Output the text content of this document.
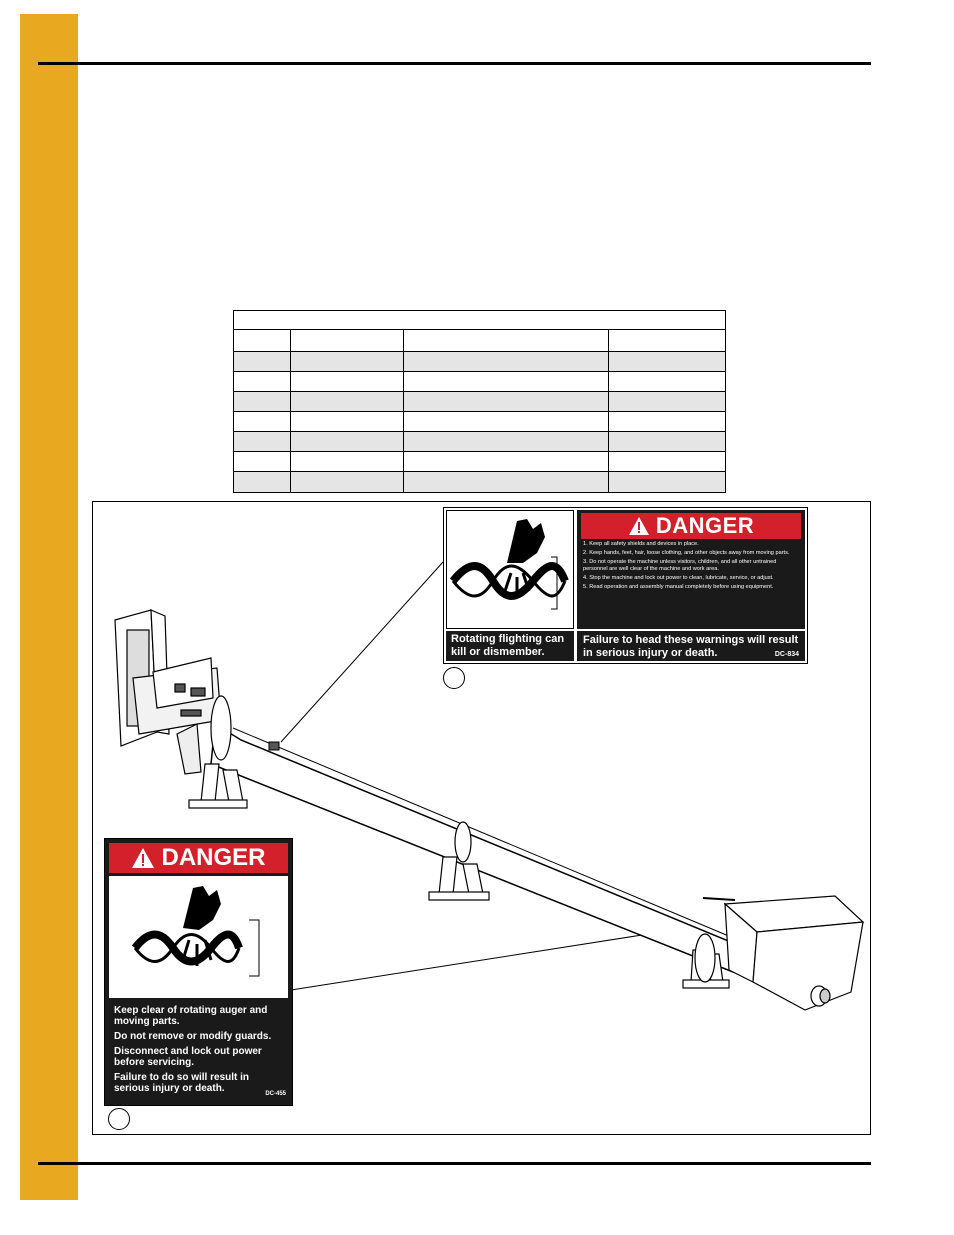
Rotating flighting can kill or dismember.
DANGER
1. Keep all safety shields and devices in place.
2. Keep hands, feet, hair, loose clothing, and other objects away from moving parts.
3. Do not operate the machine unless visitors, children, and all other untrained personnel are well clear of the machine and work area.
4. Stop the machine and lock out power to clean, lubricate, service, or adjust.
5. Read operation and assembly manual completely before using equipment.
Failure to head these warnings will result in serious injury or death.	DC-834
DANGER

Keep clear of rotating auger and moving parts.

Do not remove or modify guards.

Disconnect and lock out power before servicing.

Failure to do so will result in serious injury or death.	DC-455
